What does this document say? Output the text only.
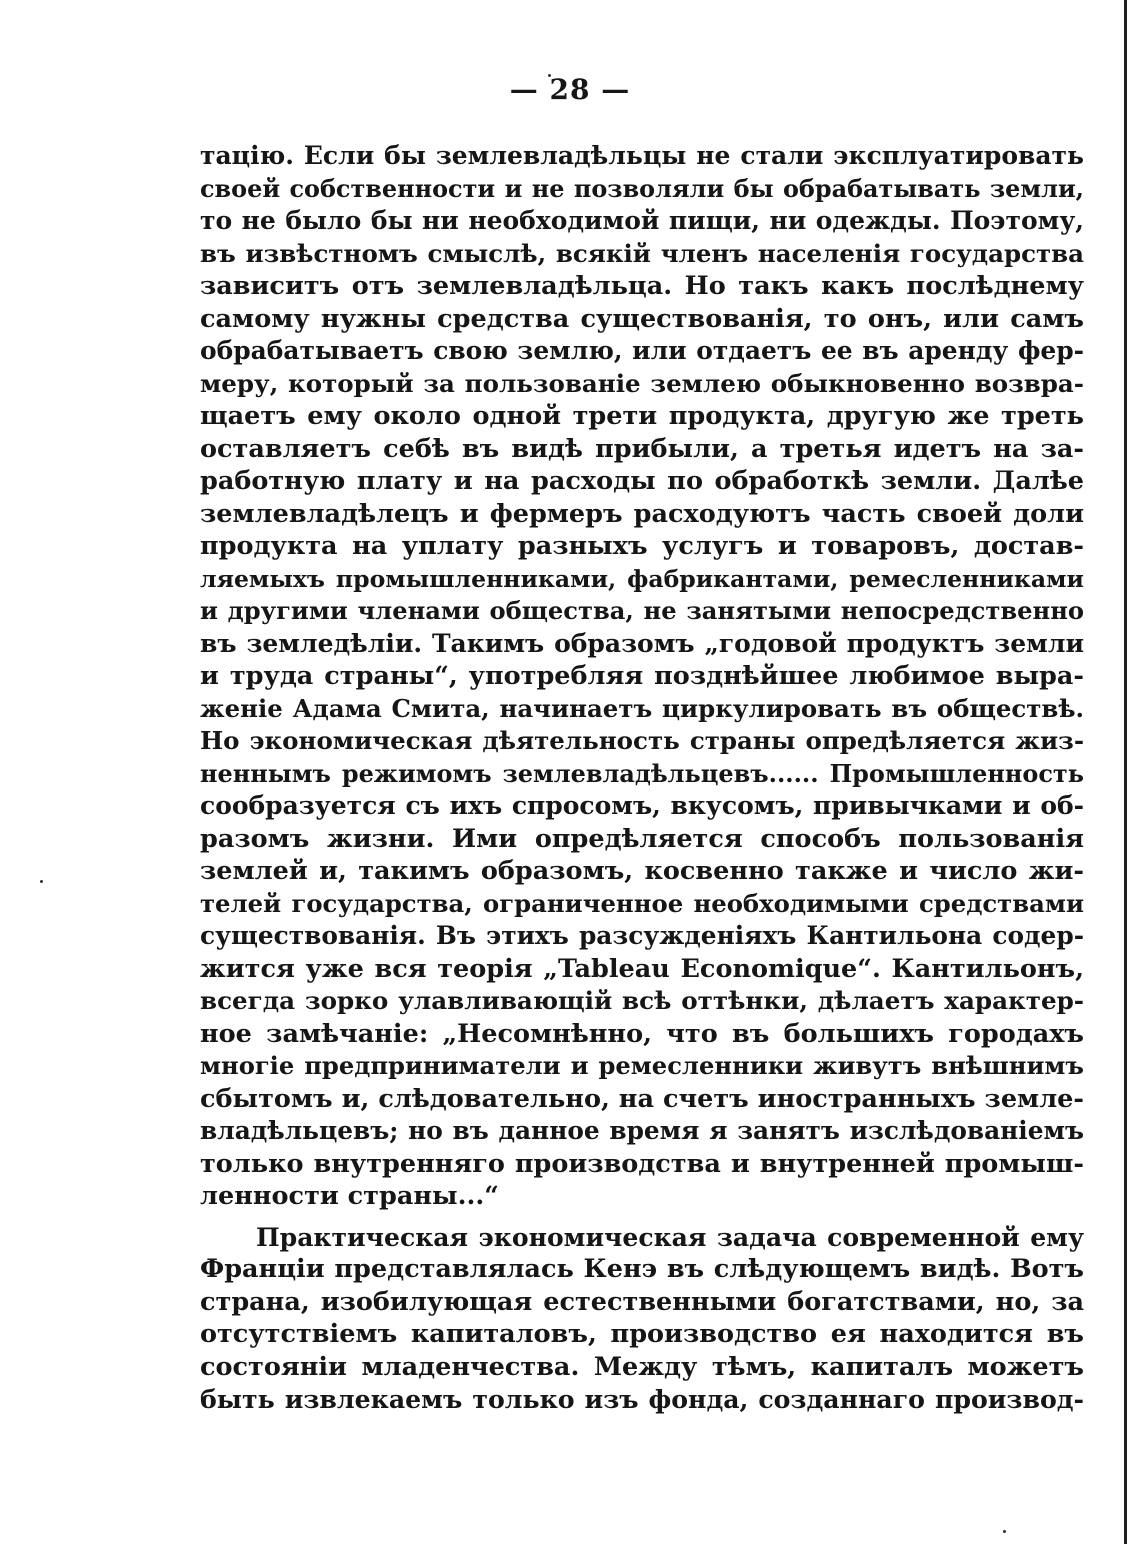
— 28 —
тацію. Если бы землевладѣльцы не стали эксплуатировать
своей собственности и не позволяли бы обрабатывать земли,
то не было бы ни необходимой пищи, ни одежды. Поэтому,
въ извѣстномъ смыслѣ, всякій членъ населенія государства
зависитъ отъ землевладѣльца. Но такъ какъ послѣднему
самому нужны средства существованія, то онъ, или самъ
обрабатываетъ свою землю, или отдаетъ ее въ аренду фер-
меру, который за пользованіе землею обыкновенно возвра-
щаетъ ему около одной трети продукта, другую же треть
оставляетъ себѣ въ видѣ прибыли, а третья идетъ на за-
работную плату и на расходы по обработкѣ земли. Далѣе
землевладѣлецъ и фермеръ расходуютъ часть своей доли
продукта на уплату разныхъ услугъ и товаровъ, достав-
ляемыхъ промышленниками, фабрикантами, ремесленниками
и другими членами общества, не занятыми непосредственно
въ земледѣліи. Такимъ образомъ „годовой продуктъ земли
и труда страны“, употребляя позднѣйшее любимое выра-
женіе Адама Смита, начинаетъ циркулировать въ обществѣ.
Но экономическая дѣятельность страны опредѣляется жиз-
неннымъ режимомъ землевладѣльцевъ...... Промышленность
сообразуется съ ихъ спросомъ, вкусомъ, привычками и об-
разомъ жизни. Ими опредѣляется способъ пользованія
землей и, такимъ образомъ, косвенно также и число жи-
телей государства, ограниченное необходимыми средствами
существованія. Въ этихъ разсужденіяхъ Кантильона содер-
жится уже вся теорія „Tableau Economique“. Кантильонъ,
всегда зорко улавливающій всѣ оттѣнки, дѣлаетъ характер-
ное замѣчаніе: „Несомнѣнно, что въ большихъ городахъ
многіе предприниматели и ремесленники живутъ внѣшнимъ
сбытомъ и, слѣдовательно, на счетъ иностранныхъ земле-
владѣльцевъ; но въ данное время я занятъ изслѣдованіемъ
только внутренняго производства и внутренней промыш-
ленности страны...“
Практическая экономическая задача современной ему
Франціи представлялась Кенэ въ слѣдующемъ видѣ. Вотъ
страна, изобилующая естественными богатствами, но, за
отсутствіемъ капиталовъ, производство ея находится въ
состояніи младенчества. Между тѣмъ, капиталъ можетъ
быть извлекаемъ только изъ фонда, созданнаго производ-
